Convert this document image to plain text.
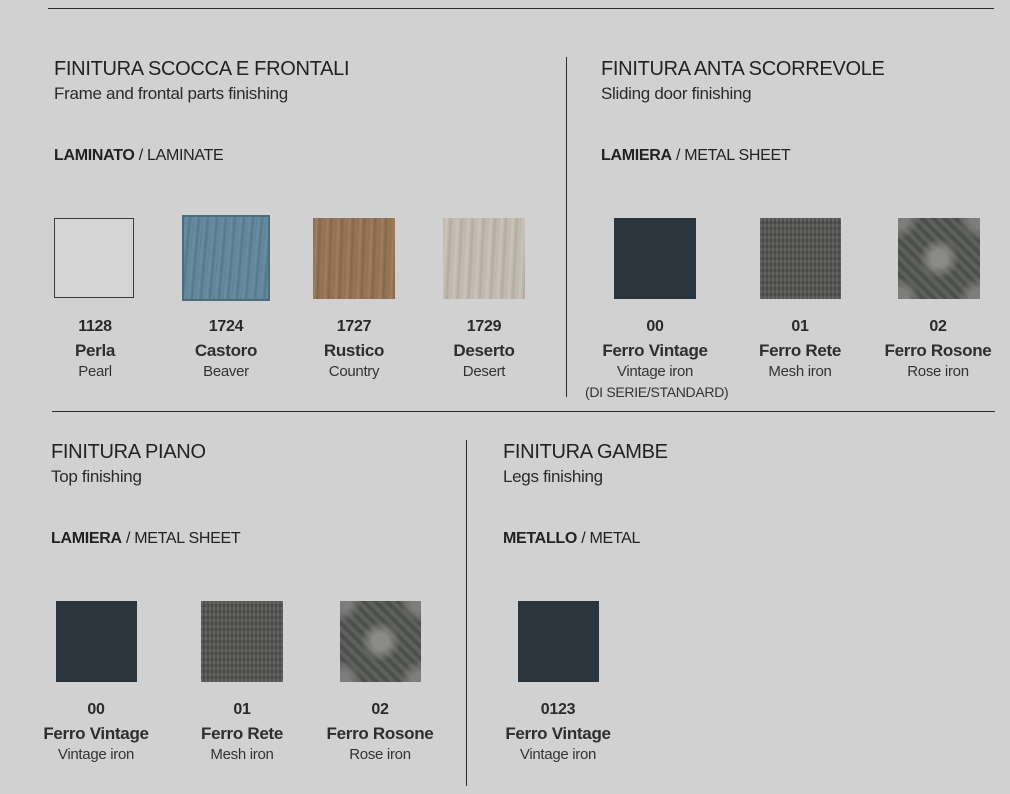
FINITURA SCOCCA E FRONTALI
Frame and frontal parts finishing
LAMINATO / LAMINATE
1128
Perla
Pearl
1724
Castoro
Beaver
1727
Rustico
Country
1729
Deserto
Desert
FINITURA ANTA SCORREVOLE
Sliding door finishing
LAMIERA / METAL SHEET
00
Ferro Vintage
Vintage iron
(DI SERIE/STANDARD)
01
Ferro Rete
Mesh iron
02
Ferro Rosone
Rose iron
FINITURA PIANO
Top finishing
LAMIERA / METAL SHEET
00
Ferro Vintage
Vintage iron
01
Ferro Rete
Mesh iron
02
Ferro Rosone
Rose iron
FINITURA GAMBE
Legs finishing
METALLO / METAL
0123
Ferro Vintage
Vintage iron
